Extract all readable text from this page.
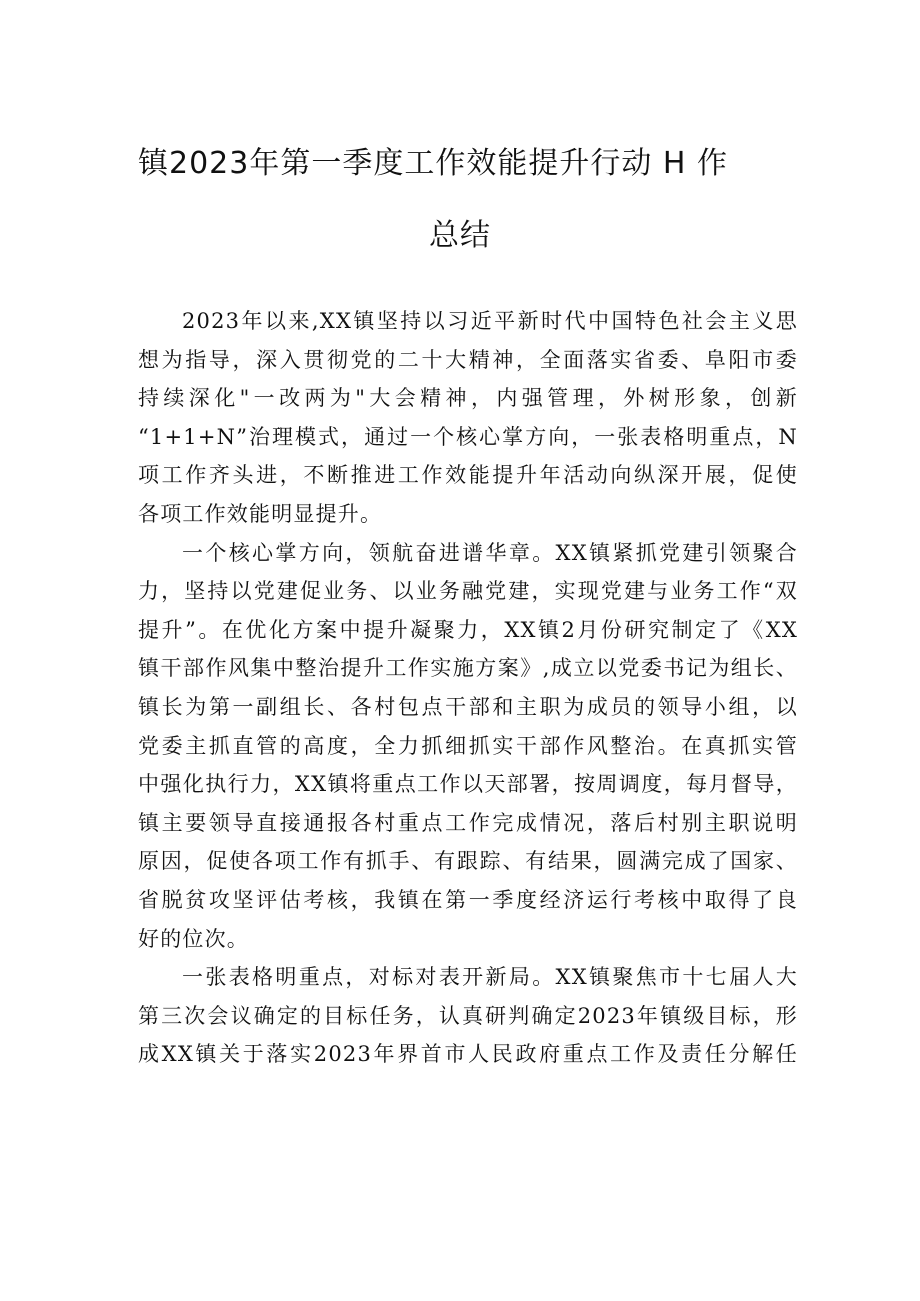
镇2023年第一季度工作效能提升行动 H 作
总结
2023年以来,XX镇坚持以习近平新时代中国特色社会主义思
想为指导，深入贯彻党的二十大精神，全面落实省委、阜阳市委
持续深化"一改两为"大会精神，内强管理，外树形象，创新
“1+1+N”治理模式，通过一个核心掌方向，一张表格明重点，N
项工作齐头进，不断推进工作效能提升年活动向纵深开展，促使
各项工作效能明显提升。
一个核心掌方向，领航奋进谱华章。XX镇紧抓党建引领聚合
力，坚持以党建促业务、以业务融党建，实现党建与业务工作“双
提升”。在优化方案中提升凝聚力，XX镇2月份研究制定了《XX
镇干部作风集中整治提升工作实施方案》,成立以党委书记为组长、
镇长为第一副组长、各村包点干部和主职为成员的领导小组，以
党委主抓直管的高度，全力抓细抓实干部作风整治。在真抓实管
中强化执行力，XX镇将重点工作以天部署，按周调度，每月督导，
镇主要领导直接通报各村重点工作完成情况，落后村别主职说明
原因，促使各项工作有抓手、有跟踪、有结果，圆满完成了国家、
省脱贫攻坚评估考核，我镇在第一季度经济运行考核中取得了良
好的位次。
一张表格明重点，对标对表开新局。XX镇聚焦市十七届人大
第三次会议确定的目标任务，认真研判确定2023年镇级目标，形
成XX镇关于落实2023年界首市人民政府重点工作及责任分解任
